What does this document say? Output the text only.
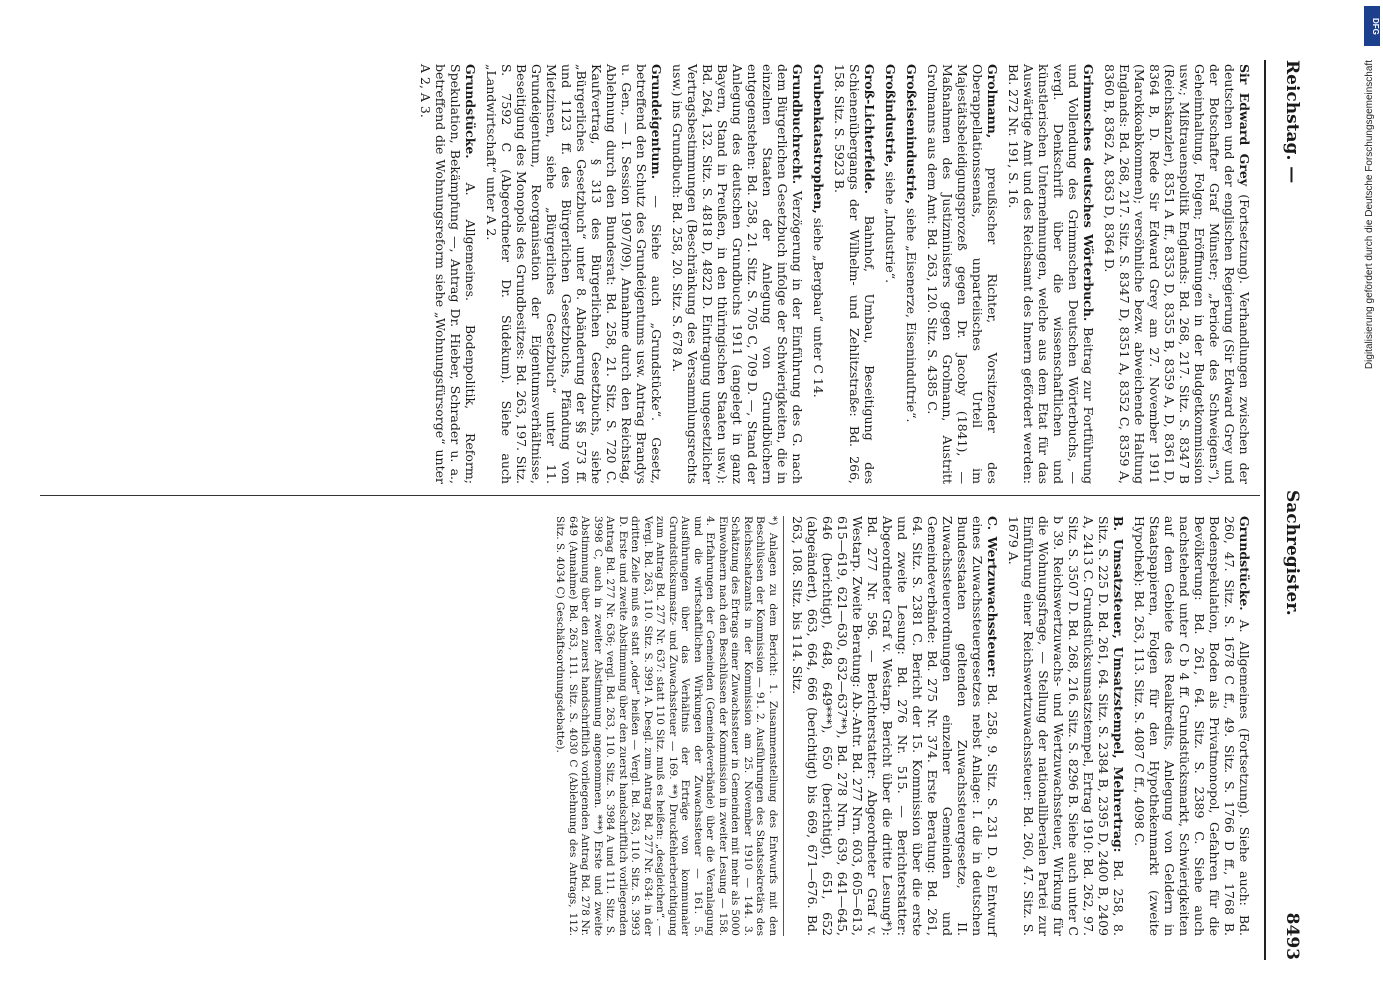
Reichstag. —
Sachregister.
8493
Sir Edward Grey (Fortsetzung). Verhandlungen zwischen der deutschen und der englischen Regierung (Sir Edward Grey und der Botschafter Graf Münster; „Periode des Schweigens“), Geheimhaltung, Folgen; Eröffnungen in der Budgetkommission usw.; Mißtrauenspolitik Englands: Bd. 268, 217. Sitz. S. 8347 B (Reichskanzler), 8351 A ff., 8353 D, 8355 B, 8359 A, D, 8361 D, 8364 B, D. Rede Sir Edward Grey am 27. November 1911 (Marokkoabkommen); versöhnliche bezw. abweichende Haltung Englands: Bd. 268, 217. Sitz. S. 8347 D, 8351 A, 8352 C, 8359 A, 8360 B, 8362 A, 8363 D, 8364 D.
Grimmsches deutsches Wörterbuch. Beitrag zur Fortführung und Vollendung des Grimmschen Deutschen Wörterbuchs, — vergl. Denkschrift über die wissenschaftlichen und künstlerischen Unternehmungen, welche aus dem Etat für das Auswärtige Amt und des Reichsamt des Innern gefördert werden: Bd. 272 Nr. 191, S. 16.
Grolmann, preußischer Richter, Vorsitzender des Oberappellationssenats, unparteiisches Urteil im Majestätsbeleidigungsprozeß gegen Dr. Jacoby (1841), — Maßnahmen des Justizministers gegen Grolmann, Austritt Grolmanns aus dem Amt: Bd. 263, 120. Sitz. S. 4385 C.
Großeisenindustrie, siehe „Eisenerze, Eiseninduſtrie“.
Großindustrie, siehe „Industrie“.
Groß-Lichterfelde. Bahnhof, Umbau, Beseitigung des Schienenübergangs der Wilhelm- und Zehlitzstraße: Bd. 266, 158. Sitz. S. 5923 B.
Grubenkatastrophen, siehe „Bergbau“ unter C 14.
Grundbuchrecht. Verzögerung in der Einführung des G. nach dem Bürgerlichen Gesetzbuch infolge der Schwierigkeiten, die in einzelnen Staaten der Anlegung von Grundbüchern entgegenstehen: Bd. 258, 21. Sitz. S. 705 C, 709 D. —, Stand der Anlegung des deutschen Grundbuchs 1911 (angelegt in ganz Bayern, Stand in Preußen, in den thüringischen Staaten usw.): Bd. 264, 132. Sitz. S. 4818 D, 4822 D. Eintragung ungesetzlicher Vertragsbestimmungen (Beschränkung des Versammlungsrechts usw.) ins Grundbuch: Bd. 258, 20. Sitz. S. 678 A.
Grundeigentum. — Siehe auch „Grundstücke“. Gesetz, betreffend den Schutz des Grundeigentums usw. Antrag Brandys u. Gen., — I. Session 1907/09), Annahme durch den Reichstag, Ablehnung durch den Bundesrat: Bd. 258, 21. Sitz. S. 720 C. Kaufvertrag, § 313 des Bürgerlichen Gesetzbuchs, siehe „Bürgerliches Gesetzbuch“ unter 8. Abänderung der §§ 573 ff. und 1123 ff. des Bürgerlichen Gesetzbuchs, Pfändung von Mietzinsen, siehe „Bürgerliches Gesetzbuch“ unter 11. Grundeigentum, Reorganisation der Eigentumsverhältnisse, Beseitigung des Monopols des Grundbesitzes: Bd. 263, 197. Sitz. S. 7592 C (Abgeordneter Dr. Südekum). Siehe auch „Landwirtschaft“ unter A 2.
Grundstücke. A. Allgemeines. Bodenpolitik, Reform; Spekulation, Bekämpfung —, Antrag Dr. Hieber, Schrader u. a., betreffend die Wohnungsreform siehe „Wohnungsfürsorge“ unter A 2, A 3.
Grundstücke. A. Allgemeines (Fortsetzung). Siehe auch: Bd. 260, 47. Sitz. S. 1678 C ff., 49. Sitz. S. 1766 D ff., 1768 B. Bodenspekulation, Boden als Privatmonopol, Gefahren für die Bevölkerung: Bd. 261, 64. Sitz. S. 2389 C. Siehe auch nachstehend unter C b 4 ff. Grundstücksmarkt, Schwierigkeiten auf dem Gebiete des Realkredits, Anlegung von Geldern in Staatspapieren, Folgen für den Hypothekenmarkt (zweite Hypothek): Bd. 263, 113. Sitz. S. 4087 C ff., 4098 C.
B. Umsatzsteuer, Umsatzstempel, Mehrertrag: Bd. 258, 8. Sitz. S. 225 D. Bd. 261, 64. Sitz. S. 2384 B, 2395 D, 2400 B, 2409 A, 2413 C. Grundstücksumsatzstempel, Ertrag 1910: Bd. 262, 97. Sitz. S. 3507 D. Bd. 268, 216. Sitz. S. 8296 B. Siehe auch unter C b 39. Reichswertzuwachs- und Wertzuwachssteuer, Wirkung für die Wohnungsfrage, — Stellung der nationalliberalen Partei zur Einführung einer Reichswertzuwachssteuer: Bd. 260, 47. Sitz. S. 1679 A.
C. Wertzuwachssteuer: Bd. 258, 9. Sitz. S. 231 D. a) Entwurf eines Zuwachssteuergesetzes nebst Anlage: I. die in deutschen Bundesstaaten geltenden Zuwachssteuergesetze, II. Zuwachssteuerordnungen einzelner Gemeinden und Gemeindeverbände: Bd. 275 Nr. 374. Erste Beratung: Bd. 261, 64. Sitz. S. 2381 C. Bericht der 15. Kommission über die erste und zweite Lesung: Bd. 276 Nr. 515. — Berichterstatter: Abgeordneter Graf v. Westarp. Bericht über die dritte Lesung*): Bd. 277 Nr. 596. — Berichterstatter: Abgeordneter Graf v. Westarp. Zweite Beratung: Ab.-Antr. Bd. 277 Nrn. 603, 605—613, 615—619, 621—630, 632—637**), Bd. 278 Nrn. 639, 641—645, 646 (berichtigt), 648, 649***), 650 (berichtigt), 651, 652 (abgeändert), 663, 664, 666 (berichtigt) bis 669, 671—676. Bd. 263, 108. Sitz. bis 114. Sitz.
*) Anlagen zu dem Bericht: 1. Zusammenstellung des Entwurfs mit den Beschlüssen der Kommission — 91. 2. Ausführungen des Staatssekretärs des Reichsschatzamts in der Kommission am 25. November 1910 — 144. 3. Schätzung des Ertrags einer Zuwachssteuer in Gemeinden mit mehr als 5000 Einwohnern nach den Beschlüssen der Kommission in zweiter Lesung — 158. 4. Erfahrungen der Gemeinden (Gemeindeverbände) über die Veranlagung und die wirtschaftlichen Wirkungen der Zuwachssteuer — 161. 5. Ausführungen über das Verhältnis der Erträge von kommunaler Grundstücksumsatz- und Zuwachssteuer — 169. **) Druckfehlerberichtigung zum Antrag Bd. 277 Nr. 637: statt 110 Sitz. muß es heißen: „desgleichen“. — Vergl. Bd. 263, 110. Sitz. S. 3991 A. Desgl. zum Antrag Bd. 277 Nr. 634: in der dritten Zeile muß es statt „oder“ heißen — Vergl. Bd. 263, 110. Sitz. S. 3993 D. Erste und zweite Abstimmung über den zuerst handschriftlich vorliegenden Antrag Bd. 277 Nr. 636; vergl. Bd. 263, 110. Sitz. S. 3984 A und 111. Sitz. S. 3998 C, auch in zweiter Abstimmung angenommen. ***) Erste und zweite Abstimmung über den zuerst handschriftlich vorliegenden Antrag Bd. 278 Nr. 649 (Annahme) Bd. 263, 111. Sitz. S. 4030 C (Ablehnung des Antrags, 112. Sitz. S. 4034 C) Geschäftsordnungsdebatte).
DFG
Digitalisierung gefördert durch die Deutsche Forschungsgemeinschaft
